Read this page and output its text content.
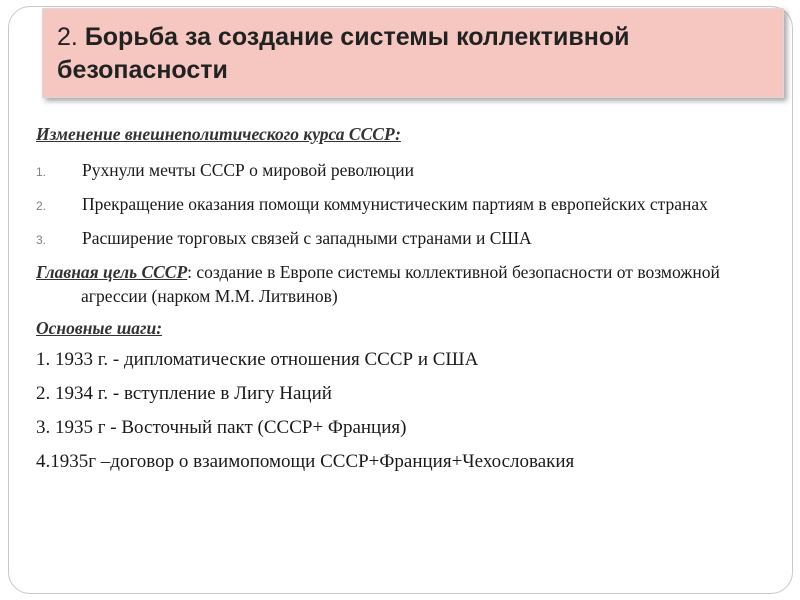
2. Борьба за создание системы коллективной безопасности
Изменение внешнеполитического курса СССР:
1. Рухнули мечты СССР о мировой революции
2. Прекращение оказания помощи коммунистическим партиям в европейских странах
3. Расширение торговых связей с западными странами и США
Главная цель СССР: создание в Европе системы коллективной безопасности от возможной агрессии (нарком М.М. Литвинов)
Основные шаги:
1. 1933 г. - дипломатические отношения СССР и США
2. 1934 г. - вступление в Лигу Наций
3. 1935 г - Восточный пакт (СССР+ Франция)
4.1935г –договор о взаимопомощи СССР+Франция+Чехословакия
